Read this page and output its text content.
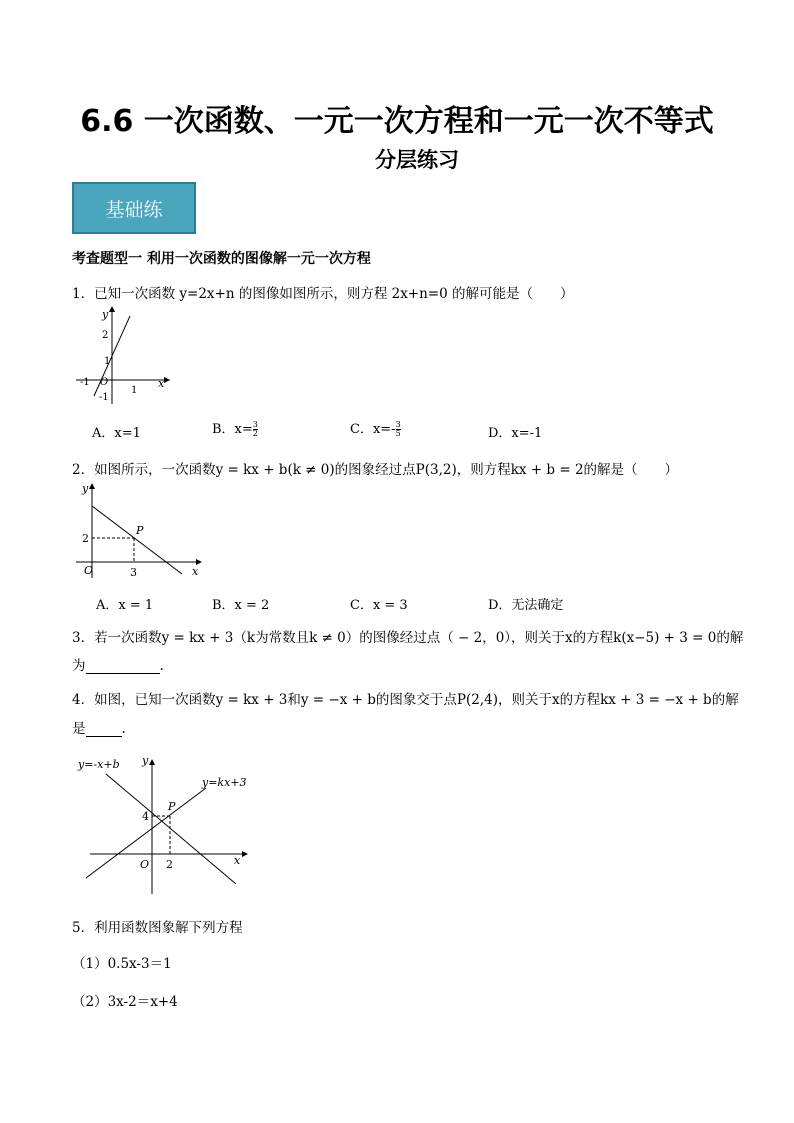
6.6 一次函数、一元一次方程和一元一次不等式
分层练习
基础练
考查题型一 利用一次函数的图像解一元一次方程
1．已知一次函数 y=2x+n 的图像如图所示，则方程 2x+n=0 的解可能是（　　）
y
x
2
1
O
-1
1
-1
A．x=1	B．$x= \frac{3}{2}$	C．$x=- \frac{3}{5}$	D．x=-1
2．如图所示，一次函数y = kx + b(k ≠ 0)的图象经过点P(3,2)，则方程kx + b = 2的解是（　　）
y
x
O
P
2
3
A．x = 1	B．x = 2	C．x = 3	D．无法确定
3．若一次函数y = kx + 3（k为常数且k ≠ 0）的图像经过点（ − 2，0），则关于x的方程k(x−5) + 3 = 0的解
为	.
4．如图，已知一次函数y = kx + 3和y = −x + b的图象交于点P(2,4)，则关于x的方程kx + 3 = −x + b的解
是	.
y=-x+b
y=kx+3
y
x
O
P
4
2
5．利用函数图象解下列方程
（1）0.5x-3＝1
（2）3x-2＝x+4
